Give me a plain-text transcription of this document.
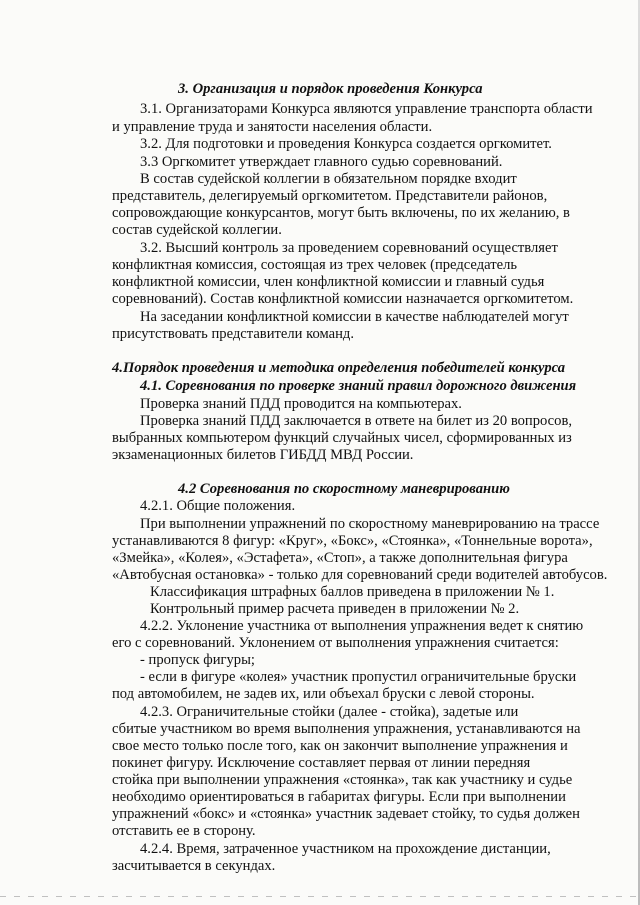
3. Организация и порядок проведения Конкурса
3.1. Организаторами Конкурса являются управление транспорта области
и управление труда и занятости населения области.
3.2. Для подготовки и проведения Конкурса создается оргкомитет.
3.3 Оргкомитет утверждает главного судью соревнований.
В состав судейской коллегии в обязательном порядке входит
представитель, делегируемый оргкомитетом. Представители районов,
сопровождающие конкурсантов, могут быть включены, по их желанию, в
состав судейской коллегии.
3.2. Высший контроль за проведением соревнований осуществляет
конфликтная комиссия, состоящая из трех человек (председатель
конфликтной комиссии, член конфликтной комиссии и главный судья
соревнований). Состав конфликтной комиссии назначается оргкомитетом.
На заседании конфликтной комиссии в качестве наблюдателей могут
присутствовать представители команд.
4.Порядок проведения и методика определения победителей конкурса
4.1. Соревнования по проверке знаний правил дорожного движения
Проверка знаний ПДД проводится на компьютерах.
Проверка знаний ПДД заключается в ответе на билет из 20 вопросов,
выбранных компьютером функций случайных чисел, сформированных из
экзаменационных билетов ГИБДД МВД России.
4.2 Соревнования по скоростному маневрированию
4.2.1. Общие положения.
При выполнении упражнений по скоростному маневрированию на трассе
устанавливаются 8 фигур: «Круг», «Бокс», «Стоянка», «Тоннельные ворота»,
«Змейка», «Колея», «Эстафета», «Стоп», а также дополнительная фигура
«Автобусная остановка» - только для соревнований среди водителей автобусов.
Классификация штрафных баллов приведена в приложении № 1.
Контрольный пример расчета приведен в приложении № 2.
4.2.2. Уклонение участника от выполнения упражнения ведет к снятию
его с соревнований. Уклонением от выполнения упражнения считается:
- пропуск фигуры;
- если в фигуре «колея» участник пропустил ограничительные бруски
под автомобилем, не задев их, или объехал бруски с левой стороны.
4.2.3. Ограничительные стойки (далее - стойка), задетые или
сбитые участником во время выполнения упражнения, устанавливаются на
свое место только после того, как он закончит выполнение упражнения и
покинет фигуру. Исключение составляет первая от линии передняя
стойка при выполнении упражнения «стоянка», так как участнику и судье
необходимо ориентироваться в габаритах фигуры. Если при выполнении
упражнений «бокс» и «стоянка» участник задевает стойку, то судья должен
отставить ее в сторону.
4.2.4. Время, затраченное участником на прохождение дистанции,
засчитывается в секундах.
